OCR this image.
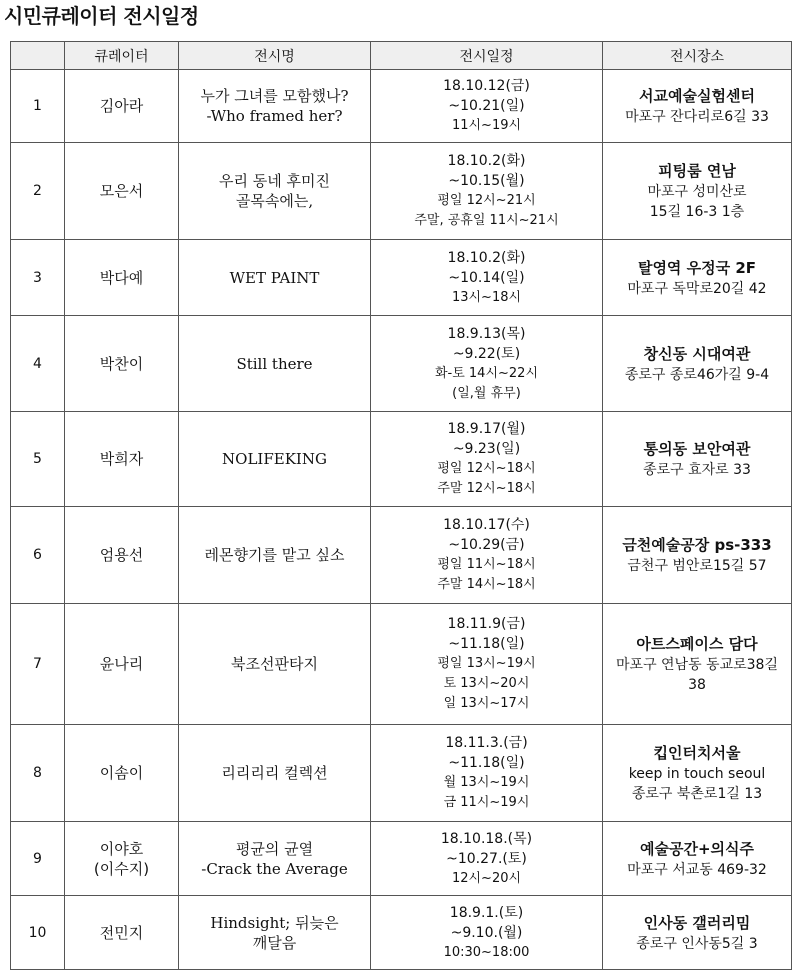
시민큐레이터 전시일정
	큐레이터	전시명	전시일정	전시장소
1	김아라	누가 그녀를 모함했나?
-Who framed her?	18.10.12(금)
~10.21(일)
11시~19시	서교예술실험센터
마포구 잔다리로6길 33

2	모은서	우리 동네 후미진
골목속에는,	18.10.2(화)
~10.15(월)
평일 12시~21시
주말, 공휴일 11시~21시	피팅룸 연남
마포구 성미산로
15길 16-3 1층

3	박다예	WET PAINT	18.10.2(화)
~10.14(일)
13시~18시	탈영역 우정국 2F
마포구 독막로20길 42

4	박찬이	Still there	18.9.13(목)
~9.22(토)
화-토 14시~22시
(일,월 휴무)	창신동 시대여관
종로구 종로46가길 9-4

5	박희자	NOLIFEKING	18.9.17(월)
~9.23(일)
평일 12시~18시
주말 12시~18시	통의동 보안여관
종로구 효자로 33

6	엄용선	레몬향기를 맡고 싶소	18.10.17(수)
~10.29(금)
평일 11시~18시
주말 14시~18시	금천예술공장 ps-333
금천구 범안로15길 57

7	윤나리	북조선판타지	18.11.9(금)
~11.18(일)
평일 13시~19시
토 13시~20시
일 13시~17시	아트스페이스 담다
마포구 연남동 동교로38길
38

8	이솜이	리리리리 컬렉션	18.11.3.(금)
~11.18(일)
월 13시~19시
금 11시~19시	킵인터치서울
keep in touch seoul
종로구 북촌로1길 13

9	이야호
(이수지)	평균의 균열
-Crack the Average	18.10.18.(목)
~10.27.(토)
12시~20시	예술공간+의식주
마포구 서교동 469-32

10	전민지	Hindsight; 뒤늦은
깨달음	18.9.1.(토)
~9.10.(월)
10:30~18:00	인사동 갤러리밈
종로구 인사동5길 3
